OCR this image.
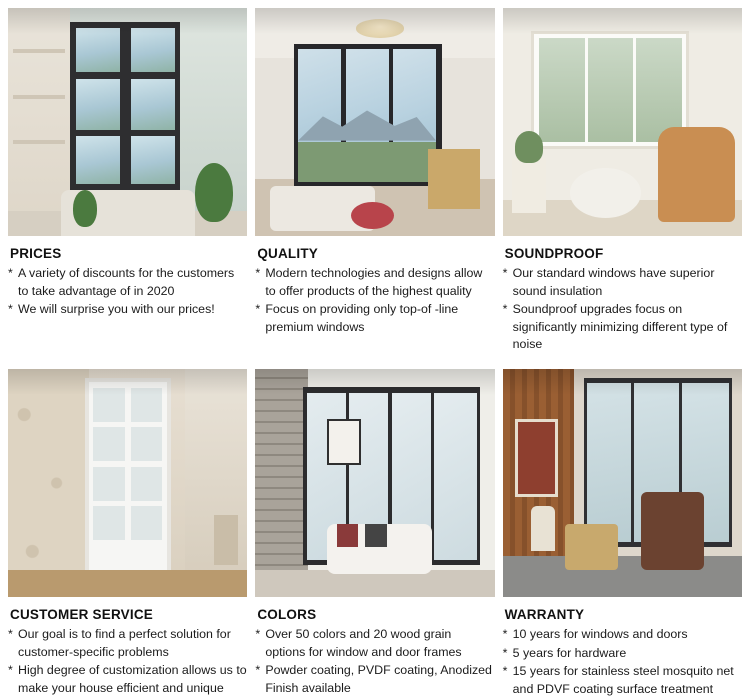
PRICES
* A variety of discounts for the customers to take advantage of in 2020
* We will surprise you with our prices!
QUALITY
* Modern technologies and designs allow to offer products of the highest quality
* Focus on providing only top-of -line premium windows
SOUNDPROOF
* Our standard windows have superior sound insulation
* Soundproof upgrades focus on significantly minimizing different type of noise
CUSTOMER SERVICE
* Our goal is to find a perfect solution for customer-specific problems
* High degree of customization allows us to make your house efficient and unique
COLORS
* Over 50 colors and 20 wood grain options for window and door frames
* Powder coating, PVDF coating, Anodized Finish available
WARRANTY
* 10 years for windows and doors
* 5 years for hardware
* 15 years for stainless steel mosquito net and PDVF coating surface treatment
